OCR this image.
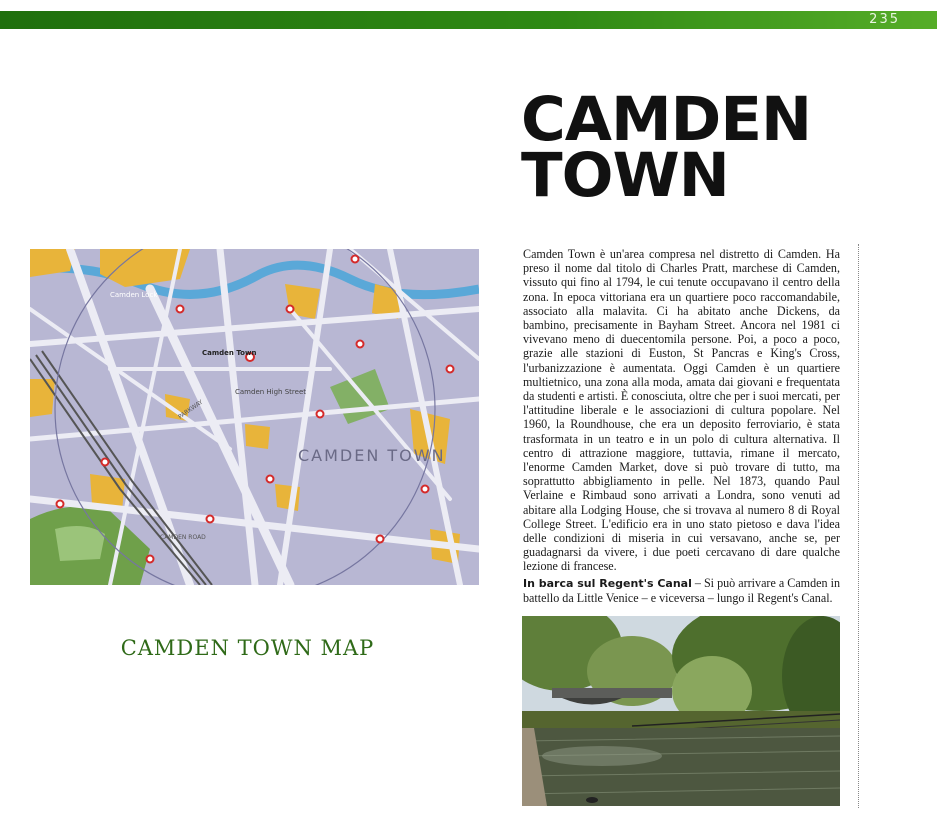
235
CAMDEN
TOWN
CAMDEN TOWN
Camden Lock
Camden Town
Camden High Street
PARKWAY
CAMDEN ROAD

CAMDEN TOWN MAP

Camden Town è un'area compresa nel distretto di Camden. Ha preso il nome dal titolo di Charles Pratt, marchese di Camden, vissuto qui fino al 1794, le cui tenute occupavano il centro della zona. In epoca vittoriana era un quartiere poco raccomandabile, associato alla malavita. Ci ha abitato anche Dickens, da bambino, precisamente in Bayham Street. Ancora nel 1981 ci vivevano meno di duecentomila persone. Poi, a poco a poco, grazie alle stazioni di Euston, St Pancras e King's Cross, l'urbanizzazione è aumentata. Oggi Camden è un quartiere multietnico, una zona alla moda, amata dai giovani e frequentata da studenti e artisti. È conosciuta, oltre che per i suoi mercati, per l'attitudine liberale e le associazioni di cultura popolare. Nel 1960, la Roundhouse, che era un deposito ferroviario, è stata trasformata in un teatro e in un polo di cultura alternativa. Il centro di attrazione maggiore, tuttavia, rimane il mercato, l'enorme Camden Market, dove si può trovare di tutto, ma soprattutto abbigliamento in pelle. Nel 1873, quando Paul Verlaine e Rimbaud sono arrivati a Londra, sono venuti ad abitare alla Lodging House, che si trovava al numero 8 di Royal College Street. L'edificio era in uno stato pietoso e dava l'idea delle condizioni di miseria in cui versavano, anche se, per guadagnarsi da vivere, i due poeti cercavano di dare qualche lezione di francese.

In barca sul Regent's Canal – Si può arrivare a Camden in battello da Little Venice – e viceversa – lungo il Regent's Canal.
